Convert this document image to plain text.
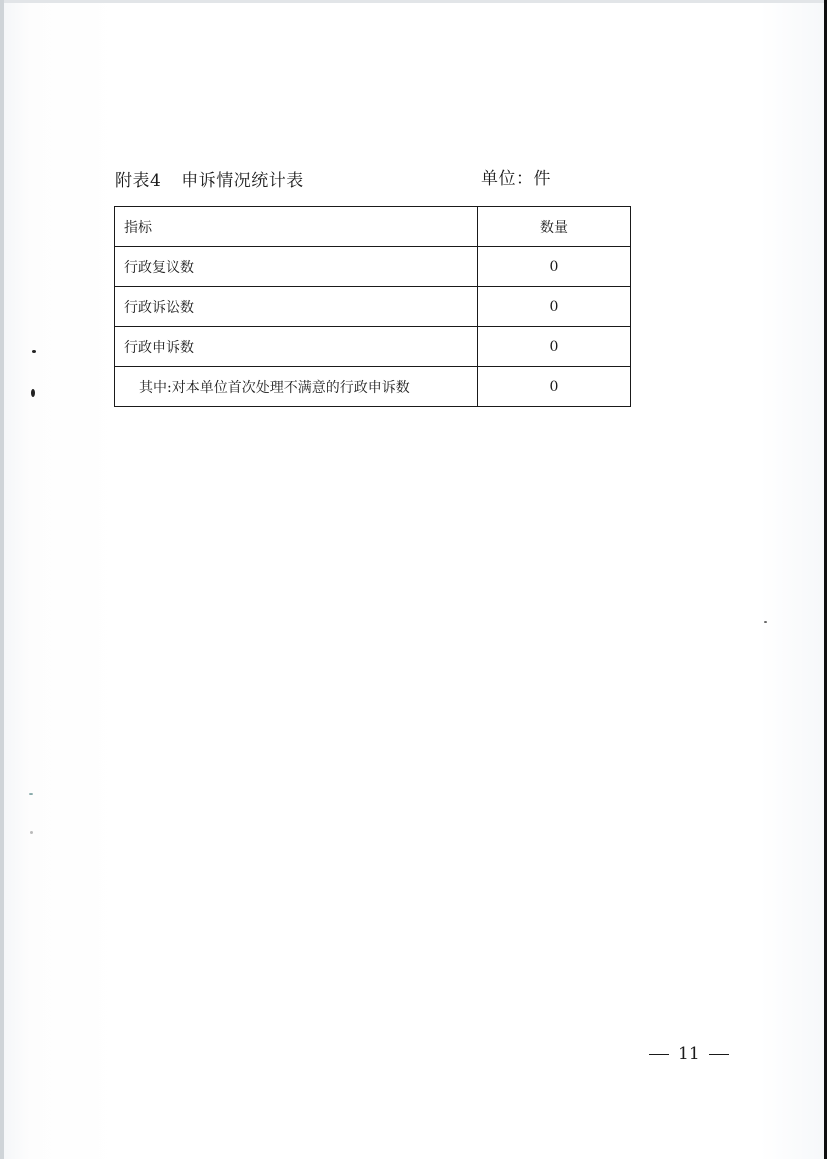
附表4 申诉情况统计表	单位：件
指标	数量
行政复议数	0
行政诉讼数	0
行政申诉数	0
其中:对本单位首次处理不满意的行政申诉数	0
11
